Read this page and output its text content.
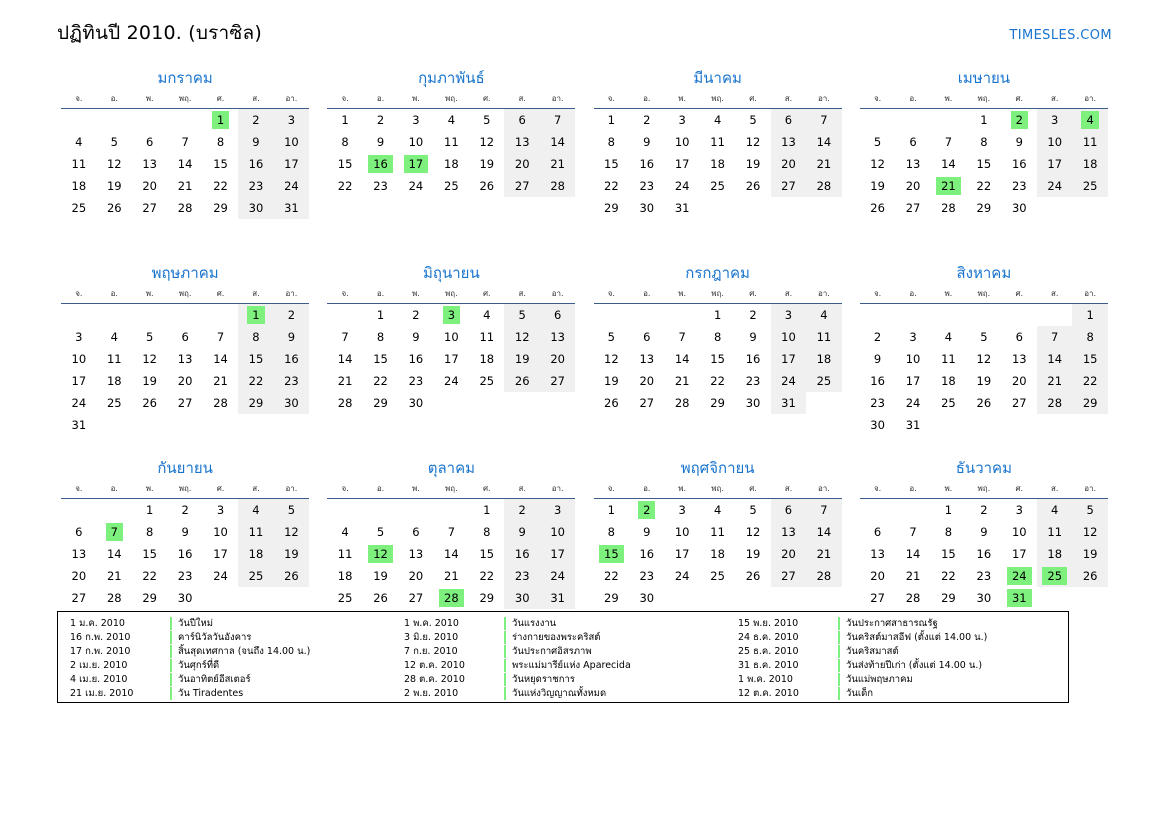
ปฏิทินปี 2010. (บราซิล)	TIMESLES.COM
มกราคม
จ.	อ.	พ.	พฤ.	ศ.	ส.	อา.
				1	2	3
4	5	6	7	8	9	10
11	12	13	14	15	16	17
18	19	20	21	22	23	24
25	26	27	28	29	30	31
กุมภาพันธ์
จ.	อ.	พ.	พฤ.	ศ.	ส.	อา.
1	2	3	4	5	6	7
8	9	10	11	12	13	14
15	16	17	18	19	20	21
22	23	24	25	26	27	28
มีนาคม
จ.	อ.	พ.	พฤ.	ศ.	ส.	อา.
1	2	3	4	5	6	7
8	9	10	11	12	13	14
15	16	17	18	19	20	21
22	23	24	25	26	27	28
29	30	31				
เมษายน
จ.	อ.	พ.	พฤ.	ศ.	ส.	อา.
			1	2	3	4
5	6	7	8	9	10	11
12	13	14	15	16	17	18
19	20	21	22	23	24	25
26	27	28	29	30		
พฤษภาคม
จ.	อ.	พ.	พฤ.	ศ.	ส.	อา.
					1	2
3	4	5	6	7	8	9
10	11	12	13	14	15	16
17	18	19	20	21	22	23
24	25	26	27	28	29	30
31						
มิถุนายน
จ.	อ.	พ.	พฤ.	ศ.	ส.	อา.
	1	2	3	4	5	6
7	8	9	10	11	12	13
14	15	16	17	18	19	20
21	22	23	24	25	26	27
28	29	30				
กรกฎาคม
จ.	อ.	พ.	พฤ.	ศ.	ส.	อา.
			1	2	3	4
5	6	7	8	9	10	11
12	13	14	15	16	17	18
19	20	21	22	23	24	25
26	27	28	29	30	31	
สิงหาคม
จ.	อ.	พ.	พฤ.	ศ.	ส.	อา.
						1
2	3	4	5	6	7	8
9	10	11	12	13	14	15
16	17	18	19	20	21	22
23	24	25	26	27	28	29
30	31					
กันยายน
จ.	อ.	พ.	พฤ.	ศ.	ส.	อา.
		1	2	3	4	5
6	7	8	9	10	11	12
13	14	15	16	17	18	19
20	21	22	23	24	25	26
27	28	29	30			
ตุลาคม
จ.	อ.	พ.	พฤ.	ศ.	ส.	อา.
				1	2	3
4	5	6	7	8	9	10
11	12	13	14	15	16	17
18	19	20	21	22	23	24
25	26	27	28	29	30	31
พฤศจิกายน
จ.	อ.	พ.	พฤ.	ศ.	ส.	อา.
1	2	3	4	5	6	7
8	9	10	11	12	13	14
15	16	17	18	19	20	21
22	23	24	25	26	27	28
29	30					
ธันวาคม
จ.	อ.	พ.	พฤ.	ศ.	ส.	อา.
		1	2	3	4	5
6	7	8	9	10	11	12
13	14	15	16	17	18	19
20	21	22	23	24	25	26
27	28	29	30	31		
1 ม.ค. 2010	วันปีใหม่
16 ก.พ. 2010	คาร์นิวัลวันอังคาร
17 ก.พ. 2010	สิ้นสุดเทศกาล (จนถึง 14.00 น.)
2 เม.ย. 2010	วันศุกร์ที่ดี
4 เม.ย. 2010	วันอาทิตย์อีสเตอร์
21 เม.ย. 2010	วัน Tiradentes
1 พ.ค. 2010	วันแรงงาน
3 มิ.ย. 2010	ร่างกายของพระคริสต์
7 ก.ย. 2010	วันประกาศอิสรภาพ
12 ต.ค. 2010	พระแม่มารีย์แห่ง Aparecida
28 ต.ค. 2010	วันหยุดราชการ
2 พ.ย. 2010	วันแห่งวิญญาณทั้งหมด
15 พ.ย. 2010	วันประกาศสาธารณรัฐ
24 ธ.ค. 2010	วันคริสต์มาสอีฟ (ตั้งแต่ 14.00 น.)
25 ธ.ค. 2010	วันคริสมาสต์
31 ธ.ค. 2010	วันส่งท้ายปีเก่า (ตั้งแต่ 14.00 น.)
1 พ.ค. 2010	วันแม่พฤษภาคม
12 ต.ค. 2010	วันเด็ก
